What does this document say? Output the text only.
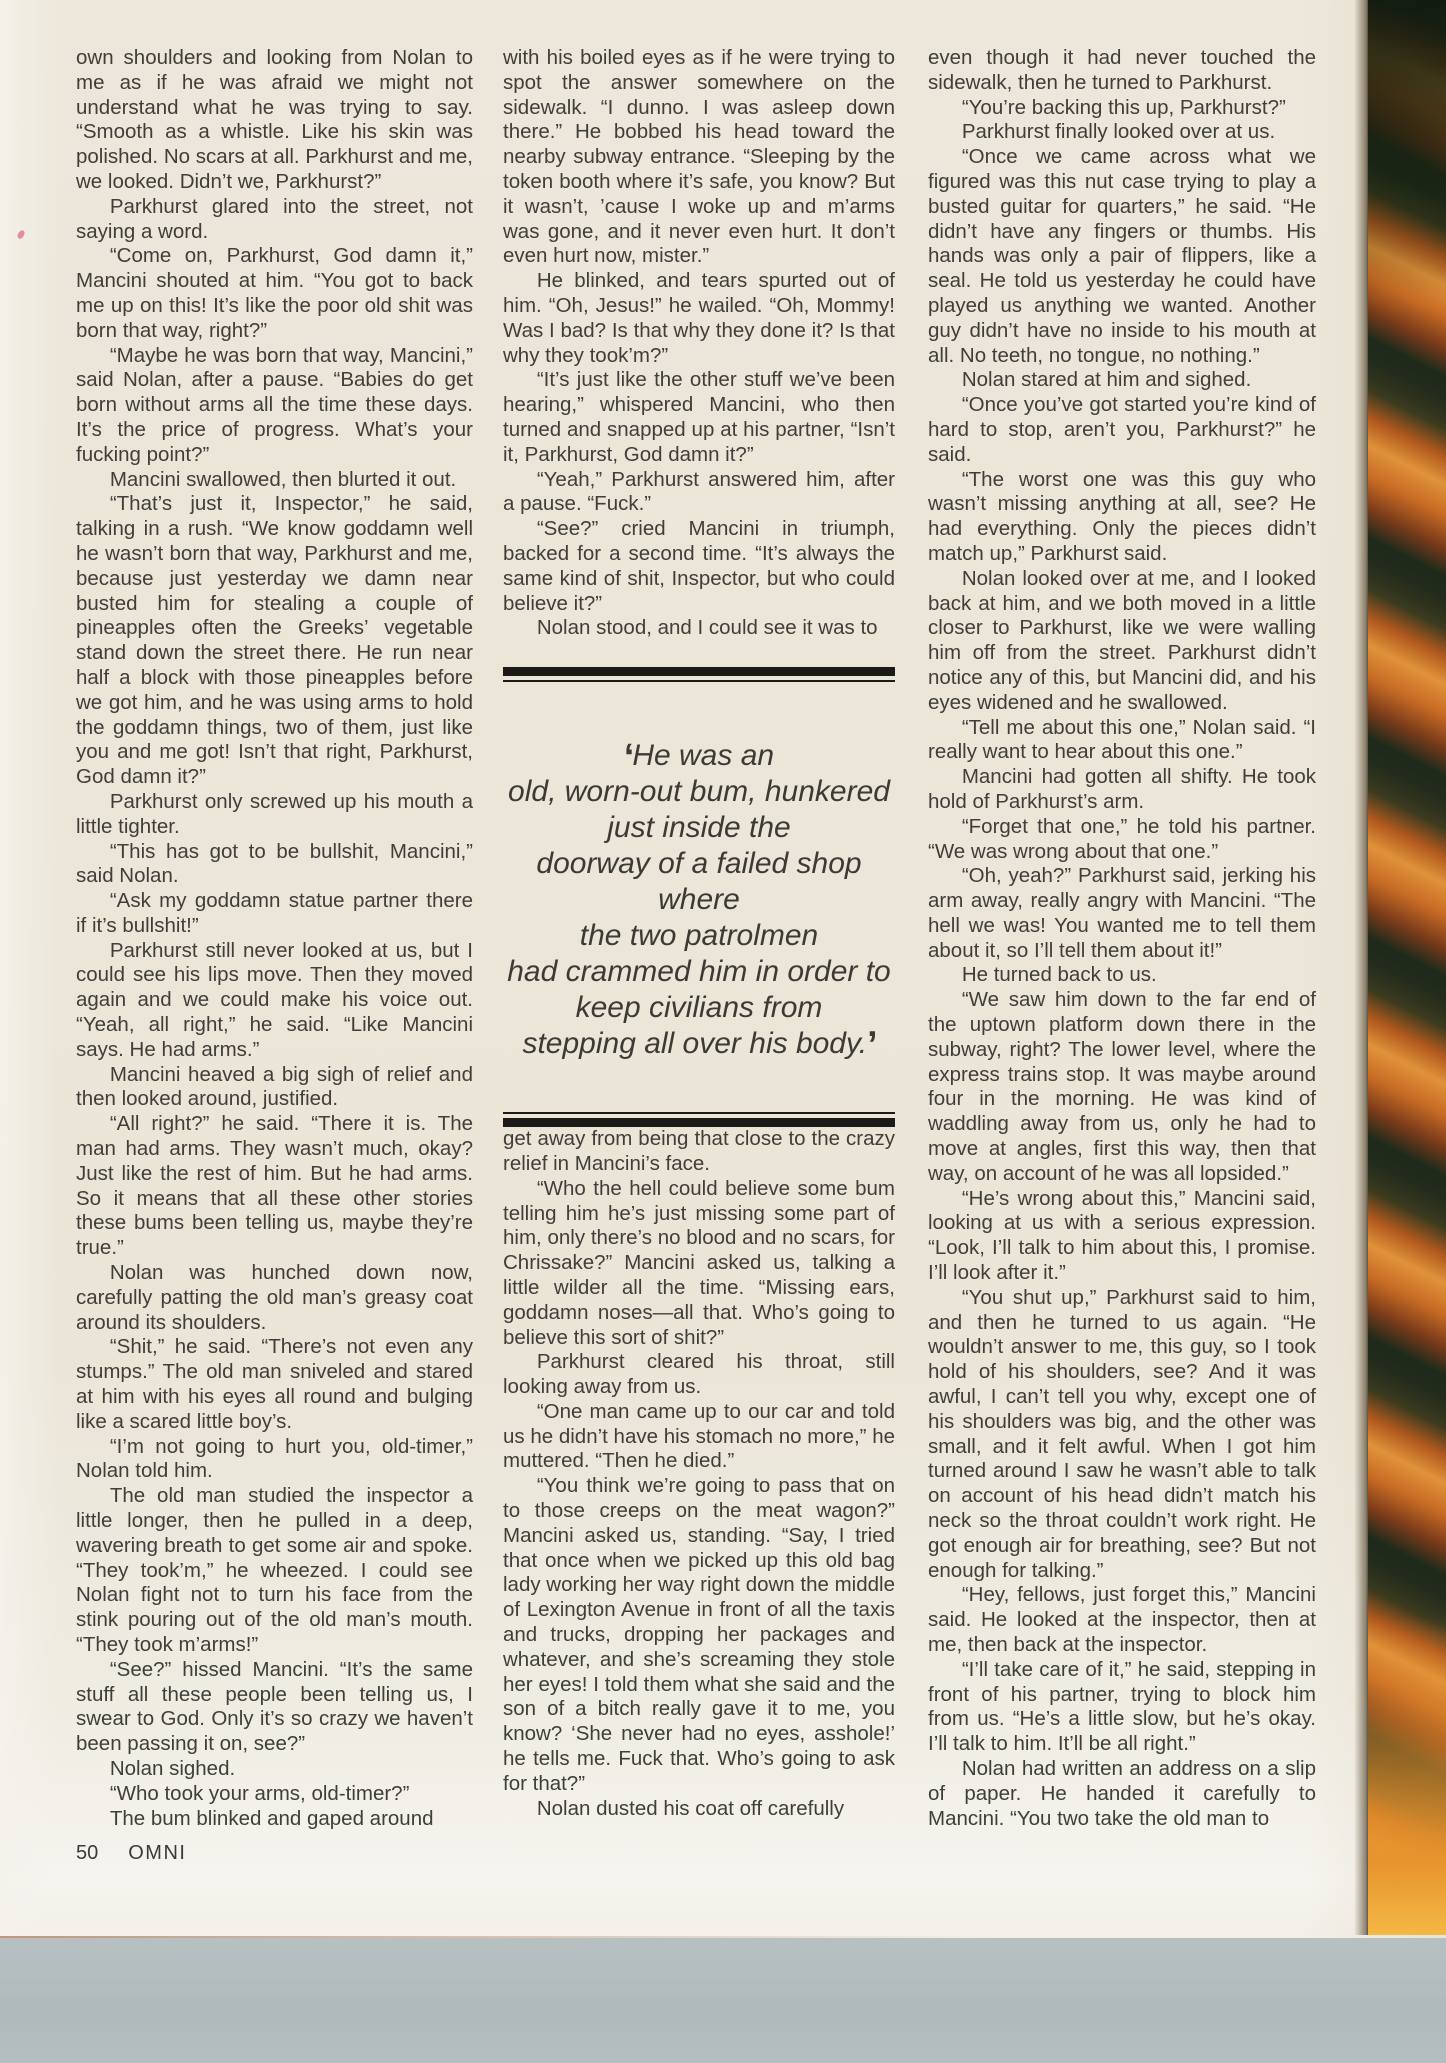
own shoulders and looking from Nolan to me as if he was afraid we might not understand what he was trying to say. “Smooth as a whistle. Like his skin was polished. No scars at all. Parkhurst and me, we looked. Didn’t we, Parkhurst?”

Parkhurst glared into the street, not saying a word.

“Come on, Parkhurst, God damn it,” Mancini shouted at him. “You got to back me up on this! It’s like the poor old shit was born that way, right?”

“Maybe he was born that way, Mancini,” said Nolan, after a pause. “Babies do get born without arms all the time these days. It’s the price of progress. What’s your fucking point?”

Mancini swallowed, then blurted it out.

“That’s just it, Inspector,” he said, talking in a rush. “We know goddamn well he wasn’t born that way, Parkhurst and me, because just yesterday we damn near busted him for stealing a couple of pineapples often the Greeks’ vegetable stand down the street there. He run near half a block with those pineapples before we got him, and he was using arms to hold the goddamn things, two of them, just like you and me got! Isn’t that right, Parkhurst, God damn it?”

Parkhurst only screwed up his mouth a little tighter.

“This has got to be bullshit, Mancini,” said Nolan.

“Ask my goddamn statue partner there if it’s bullshit!”

Parkhurst still never looked at us, but I could see his lips move. Then they moved again and we could make his voice out. “Yeah, all right,” he said. “Like Mancini says. He had arms.”

Mancini heaved a big sigh of relief and then looked around, justified.

“All right?” he said. “There it is. The man had arms. They wasn’t much, okay? Just like the rest of him. But he had arms. So it means that all these other stories these bums been telling us, maybe they’re true.”

Nolan was hunched down now, carefully patting the old man’s greasy coat around its shoulders.

“Shit,” he said. “There’s not even any stumps.” The old man sniveled and stared at him with his eyes all round and bulging like a scared little boy’s.

“I’m not going to hurt you, old-timer,” Nolan told him.

The old man studied the inspector a little longer, then he pulled in a deep, wavering breath to get some air and spoke. “They took’m,” he wheezed. I could see Nolan fight not to turn his face from the stink pouring out of the old man’s mouth. “They took m’arms!”

“See?” hissed Mancini. “It’s the same stuff all these people been telling us, I swear to God. Only it’s so crazy we haven’t been passing it on, see?”

Nolan sighed.

“Who took your arms, old-timer?”

The bum blinked and gaped around

50 OMNI

with his boiled eyes as if he were trying to spot the answer somewhere on the sidewalk. “I dunno. I was asleep down there.” He bobbed his head toward the nearby subway entrance. “Sleeping by the token booth where it’s safe, you know? But it wasn’t, ’cause I woke up and m’arms was gone, and it never even hurt. It don’t even hurt now, mister.”

He blinked, and tears spurted out of him. “Oh, Jesus!” he wailed. “Oh, Mommy! Was I bad? Is that why they done it? Is that why they took’m?”

“It’s just like the other stuff we’ve been hearing,” whispered Mancini, who then turned and snapped up at his partner, “Isn’t it, Parkhurst, God damn it?”

“Yeah,” Parkhurst answered him, after a pause. “Fuck.”

“See?” cried Mancini in triumph, backed for a second time. “It’s always the same kind of shit, Inspector, but who could believe it?”

Nolan stood, and I could see it was to

‘He was an
old, worn-out bum, hunkered
just inside the
doorway of a failed shop where
the two patrolmen
had crammed him in order to
keep civilians from
stepping all over his body.’

get away from being that close to the crazy relief in Mancini’s face.

“Who the hell could believe some bum telling him he’s just missing some part of him, only there’s no blood and no scars, for Chrissake?” Mancini asked us, talking a little wilder all the time. “Missing ears, goddamn noses—all that. Who’s going to believe this sort of shit?”

Parkhurst cleared his throat, still looking away from us.

“One man came up to our car and told us he didn’t have his stomach no more,” he muttered. “Then he died.”

“You think we’re going to pass that on to those creeps on the meat wagon?” Mancini asked us, standing. “Say, I tried that once when we picked up this old bag lady working her way right down the middle of Lexington Avenue in front of all the taxis and trucks, dropping her packages and whatever, and she’s screaming they stole her eyes! I told them what she said and the son of a bitch really gave it to me, you know? ‘She never had no eyes, asshole!’ he tells me. Fuck that. Who’s going to ask for that?”

Nolan dusted his coat off carefully

even though it had never touched the sidewalk, then he turned to Parkhurst.

“You’re backing this up, Parkhurst?”

Parkhurst finally looked over at us.

“Once we came across what we figured was this nut case trying to play a busted guitar for quarters,” he said. “He didn’t have any fingers or thumbs. His hands was only a pair of flippers, like a seal. He told us yesterday he could have played us anything we wanted. Another guy didn’t have no inside to his mouth at all. No teeth, no tongue, no nothing.”

Nolan stared at him and sighed.

“Once you’ve got started you’re kind of hard to stop, aren’t you, Parkhurst?” he said.

“The worst one was this guy who wasn’t missing anything at all, see? He had everything. Only the pieces didn’t match up,” Parkhurst said.

Nolan looked over at me, and I looked back at him, and we both moved in a little closer to Parkhurst, like we were walling him off from the street. Parkhurst didn’t notice any of this, but Mancini did, and his eyes widened and he swallowed.

“Tell me about this one,” Nolan said. “I really want to hear about this one.”

Mancini had gotten all shifty. He took hold of Parkhurst’s arm.

“Forget that one,” he told his partner. “We was wrong about that one.”

“Oh, yeah?” Parkhurst said, jerking his arm away, really angry with Mancini. “The hell we was! You wanted me to tell them about it, so I’ll tell them about it!”

He turned back to us.

“We saw him down to the far end of the uptown platform down there in the subway, right? The lower level, where the express trains stop. It was maybe around four in the morning. He was kind of waddling away from us, only he had to move at angles, first this way, then that way, on account of he was all lopsided.”

“He’s wrong about this,” Mancini said, looking at us with a serious expression. “Look, I’ll talk to him about this, I promise. I’ll look after it.”

“You shut up,” Parkhurst said to him, and then he turned to us again. “He wouldn’t answer to me, this guy, so I took hold of his shoulders, see? And it was awful, I can’t tell you why, except one of his shoulders was big, and the other was small, and it felt awful. When I got him turned around I saw he wasn’t able to talk on account of his head didn’t match his neck so the throat couldn’t work right. He got enough air for breathing, see? But not enough for talking.”

“Hey, fellows, just forget this,” Mancini said. He looked at the inspector, then at me, then back at the inspector.

“I’ll take care of it,” he said, stepping in front of his partner, trying to block him from us. “He’s a little slow, but he’s okay. I’ll talk to him. It’ll be all right.”

Nolan had written an address on a slip of paper. He handed it carefully to Mancini. “You two take the old man to
